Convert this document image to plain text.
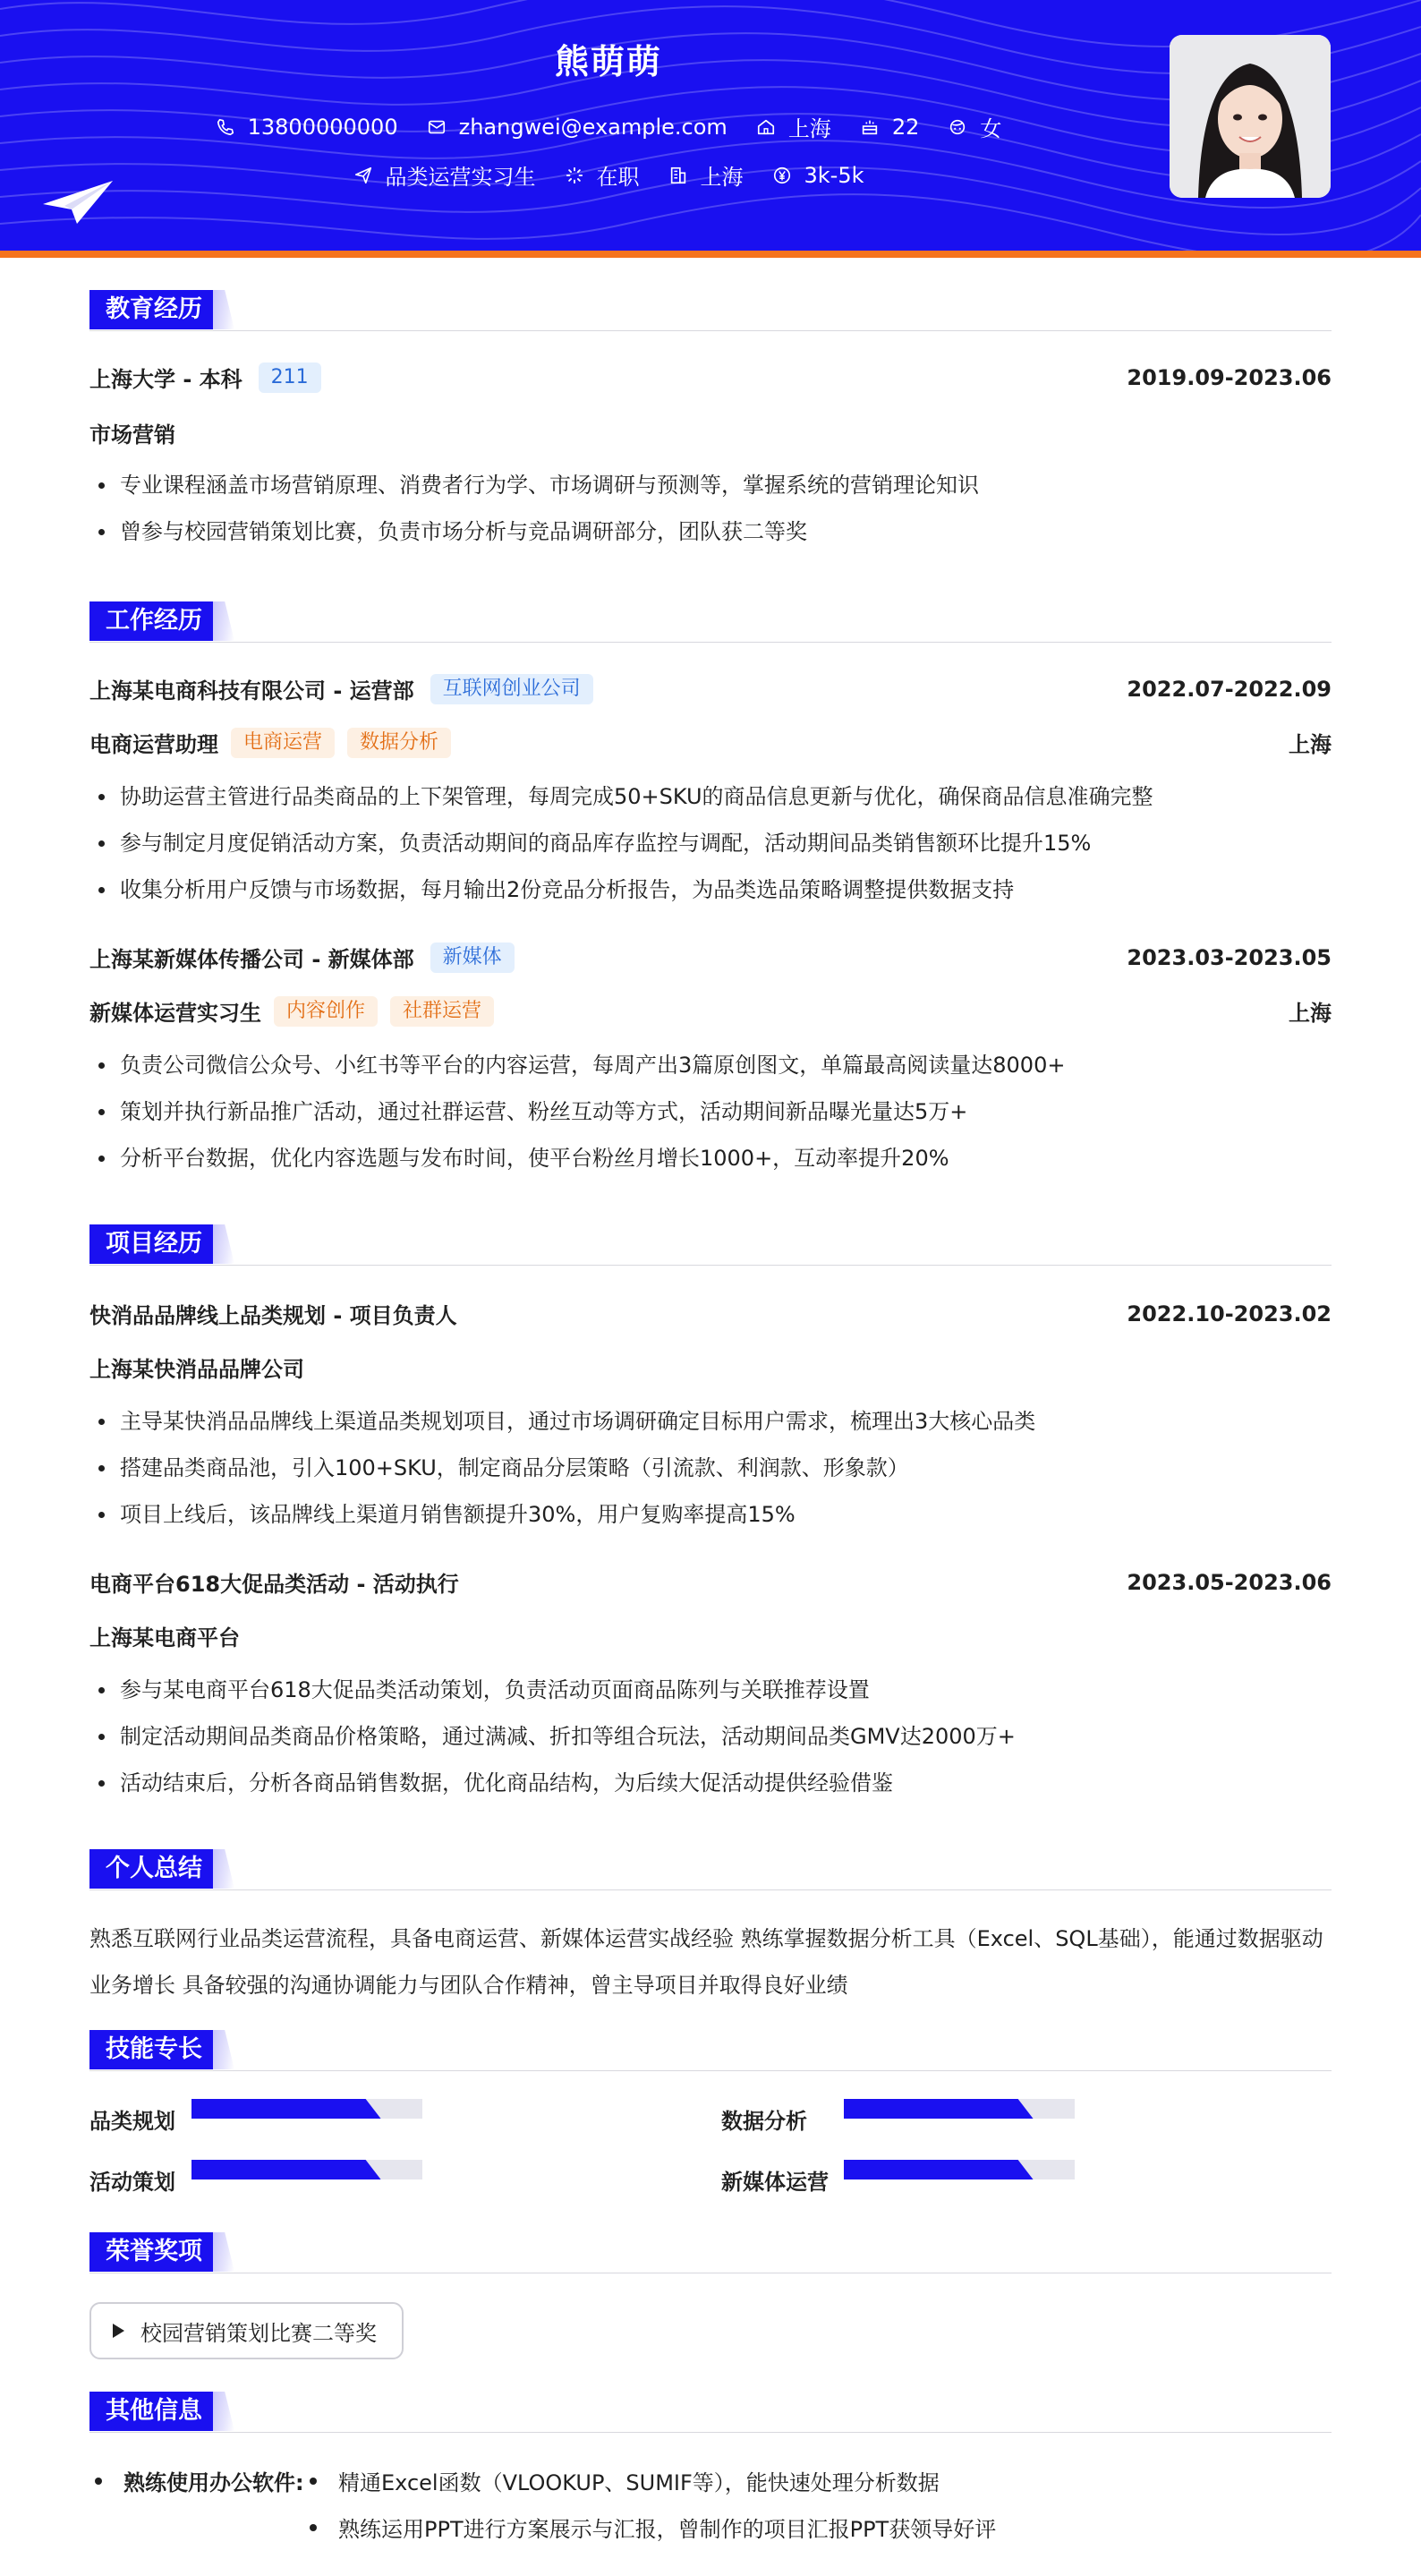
熊萌萌
13800000000	zhangwei@example.com	上海	22	女
品类运营实习生	在职	上海	3k-5k
教育经历
上海大学 - 本科	211	2019.09-2023.06
市场营销
专业课程涵盖市场营销原理、消费者行为学、市场调研与预测等，掌握系统的营销理论知识
曾参与校园营销策划比赛，负责市场分析与竞品调研部分，团队获二等奖
工作经历
上海某电商科技有限公司 - 运营部	互联网创业公司	2022.07-2022.09
电商运营助理	电商运营	数据分析	上海
协助运营主管进行品类商品的上下架管理，每周完成50+SKU的商品信息更新与优化，确保商品信息准确完整
参与制定月度促销活动方案，负责活动期间的商品库存监控与调配，活动期间品类销售额环比提升15%
收集分析用户反馈与市场数据，每月输出2份竞品分析报告，为品类选品策略调整提供数据支持
上海某新媒体传播公司 - 新媒体部	新媒体	2023.03-2023.05
新媒体运营实习生	内容创作	社群运营	上海
负责公司微信公众号、小红书等平台的内容运营，每周产出3篇原创图文，单篇最高阅读量达8000+
策划并执行新品推广活动，通过社群运营、粉丝互动等方式，活动期间新品曝光量达5万+
分析平台数据，优化内容选题与发布时间，使平台粉丝月增长1000+，互动率提升20%
项目经历
快消品品牌线上品类规划 - 项目负责人	2022.10-2023.02
上海某快消品品牌公司
主导某快消品品牌线上渠道品类规划项目，通过市场调研确定目标用户需求，梳理出3大核心品类
搭建品类商品池，引入100+SKU，制定商品分层策略（引流款、利润款、形象款）
项目上线后，该品牌线上渠道月销售额提升30%，用户复购率提高15%
电商平台618大促品类活动 - 活动执行	2023.05-2023.06
上海某电商平台
参与某电商平台618大促品类活动策划，负责活动页面商品陈列与关联推荐设置
制定活动期间品类商品价格策略，通过满减、折扣等组合玩法，活动期间品类GMV达2000万+
活动结束后，分析各商品销售数据，优化商品结构，为后续大促活动提供经验借鉴
个人总结
熟悉互联网行业品类运营流程，具备电商运营、新媒体运营实战经验 熟练掌握数据分析工具（Excel、SQL基础），能通过数据驱动业务增长 具备较强的沟通协调能力与团队合作精神，曾主导项目并取得良好业绩
技能专长
品类规划	数据分析
活动策划	新媒体运营
荣誉奖项
校园营销策划比赛二等奖
其他信息
熟练使用办公软件: 精通Excel函数（VLOOKUP、SUMIF等），能快速处理分析数据
熟练运用PPT进行方案展示与汇报，曾制作的项目汇报PPT获领导好评
